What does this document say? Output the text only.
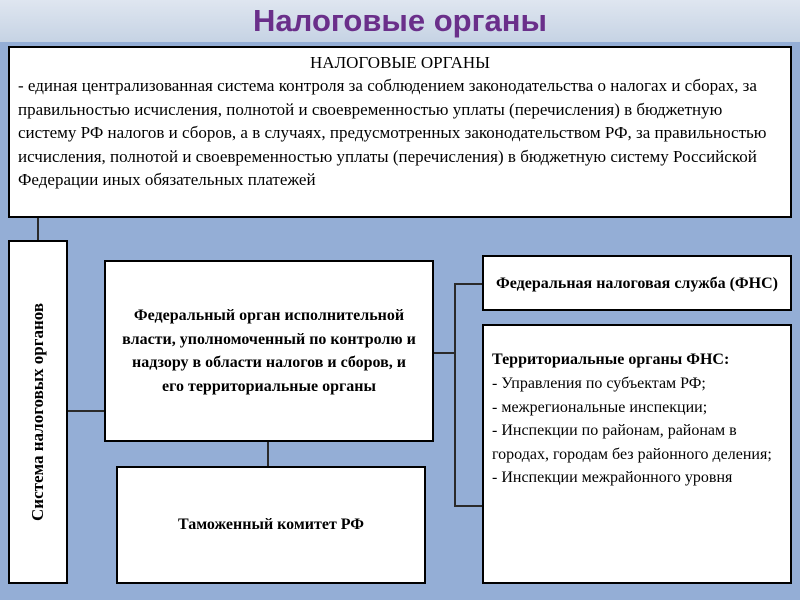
Налоговые органы
НАЛОГОВЫЕ ОРГАНЫ
- единая централизованная система контроля за соблюдением законодательства о налогах и сборах, за правильностью исчисления, полнотой и своевременностью уплаты (перечисления) в бюджетную систему РФ налогов и сборов, а в случаях, предусмотренных законодательством РФ, за правильностью исчисления, полнотой и своевременностью уплаты (перечисления) в бюджетную систему Российской Федерации иных обязательных платежей
Система налоговых органов	Федеральный орган исполнительной власти, уполномоченный по контролю и надзору в области налогов и сборов, и его территориальные органы
Таможенный комитет РФ
Федеральная налоговая служба (ФНС)
Территориальные органы ФНС:
- Управления по субъектам РФ;
- межрегиональные инспекции;
- Инспекции по районам, районам в городах, городам без районного деления;
- Инспекции межрайонного уровня
